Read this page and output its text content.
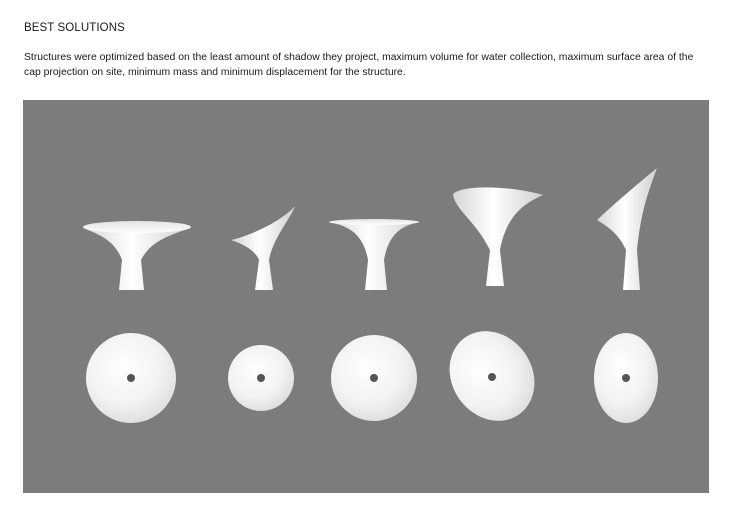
BEST SOLUTIONS
Structures were optimized based on the least amount of shadow they project, maximum volume for water collection, maximum surface area of the cap projection on site, minimum mass and minimum displacement for the structure.
